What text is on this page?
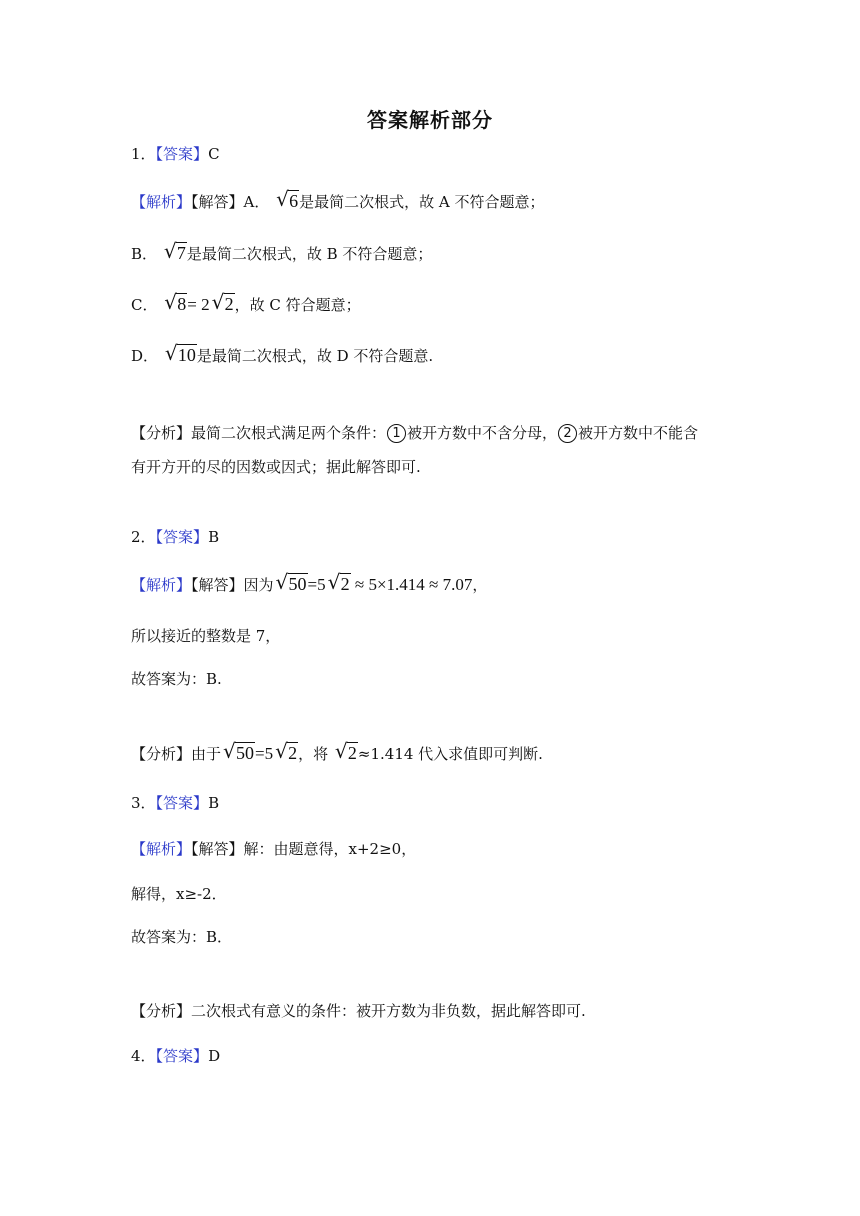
答案解析部分
1．【答案】C
【解析】【解答】A． √ 6是最简二次根式，故 A 不符合题意；
B． √ 7是最简二次根式，故 B 不符合题意；
C． √ 8= 2 √ 2，故 C 符合题意；
D． √ 10是最简二次根式，故 D 不符合题意.
【分析】最简二次根式满足两个条件： 1 被开方数中不含分母， 2 被开方数中不能含
有开方开的尽的因数或因式；据此解答即可.
2．【答案】B
【解析】【解答】因为 √ 50=5 √ 2 ≈ 5×1.414 ≈ 7.07，
所以接近的整数是 7，
故答案为：B.
【分析】由于 √ 50=5 √ 2，将 √ 2≈1.414 代入求值即可判断.
3．【答案】B
【解析】【解答】解：由题意得，x+2≥0，
解得，x≥-2．
故答案为：B．
【分析】二次根式有意义的条件：被开方数为非负数，据此解答即可.
4．【答案】D
